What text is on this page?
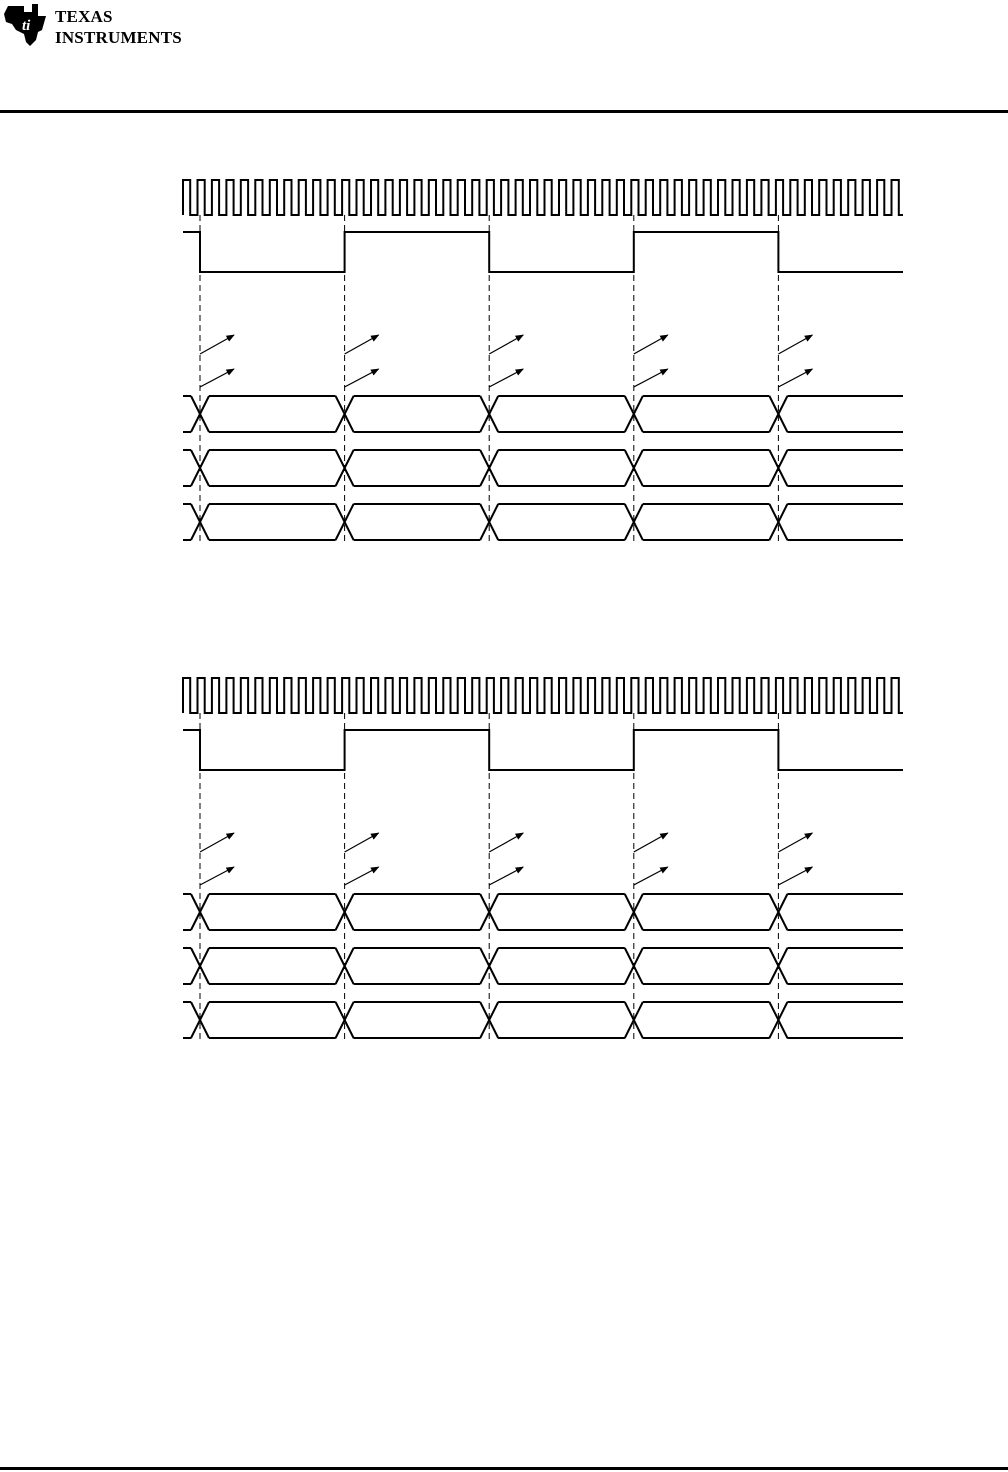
ti TEXAS
INSTRUMENTS
